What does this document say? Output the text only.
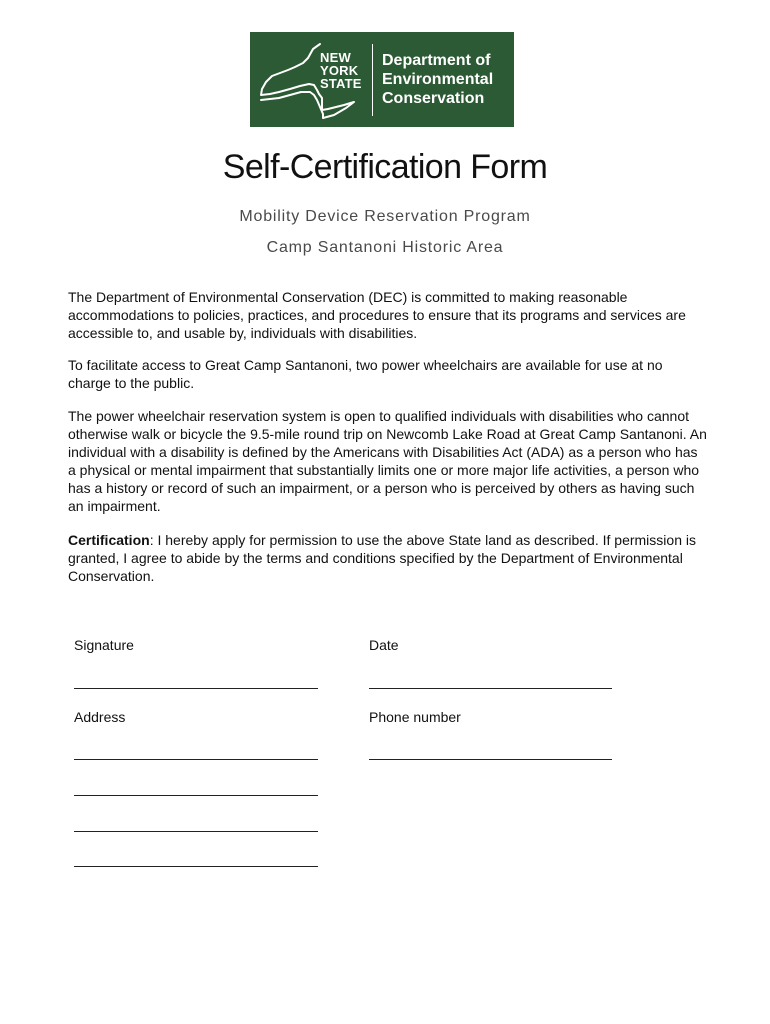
NEW
YORK
STATE
Department of
Environmental
Conservation
Self-Certification Form
Mobility Device Reservation Program
Camp Santanoni Historic Area

The Department of Environmental Conservation (DEC) is committed to making reasonable accommodations to policies, practices, and procedures to ensure that its programs and services are accessible to, and usable by, individuals with disabilities.

To facilitate access to Great Camp Santanoni, two power wheelchairs are available for use at no charge to the public.

The power wheelchair reservation system is open to qualified individuals with disabilities who cannot otherwise walk or bicycle the 9.5-mile round trip on Newcomb Lake Road at Great Camp Santanoni. An individual with a disability is defined by the Americans with Disabilities Act (ADA) as a person who has a physical or mental impairment that substantially limits one or more major life activities, a person who has a history or record of such an impairment, or a person who is perceived by others as having such an impairment.

Certification: I hereby apply for permission to use the above State land as described. If permission is granted, I agree to abide by the terms and conditions specified by the Department of Environmental Conservation.

Signature	Date
Address	Phone number
